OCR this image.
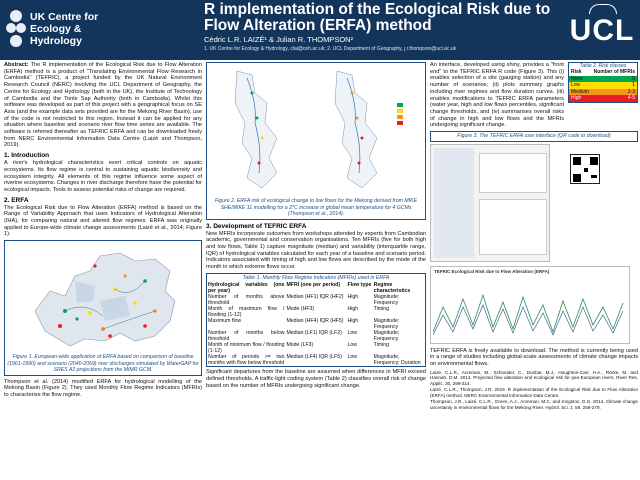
UK Centre for Ecology & Hydrology
R implementation of the Ecological Risk due to Flow Alteration (ERFA) method
Cédric L.R. LAIZÉ¹ & Julian R. THOMPSON²
1. UK Centre for Ecology & Hydrology, clai@ceh.ac.uk; 2. UCL Department of Geography, j.r.thompson@ucl.ac.uk
UCL

Abstract: The R implementation of the Ecological Risk due to Flow Alteration (ERFA) method is a product of "Translating Environmental Flow Research in Cambodia" (TEFRIC), a project funded by the UK Natural Environment Research Council (NERC) involving the UCL Department of Geography, the Centre for Ecology and Hydrology (both in the UK), the Institute of Technology of Cambodia and the Tonle Sap Authority (both in Cambodia). Whilst this software was developed as part of this project with a geographical focus on SE Asia (and the example data sets provided are for the Mekong River Basin), use of the code is not restricted to this region. Instead it can be applied for any situation where baseline and scenario river flow time series are available. The software is referred thereafter as TEFRIC ERFA and can be downloaded freely from NERC Environmental Information Data Centre (Laizé and Thompson, 2019).

1. Introduction

A river's hydrological characteristics exert critical controls on aquatic ecosystems. Its flow regime is central to sustaining aquatic biodiversity and ecosystem integrity. All elements of this regime influence some aspect of riverine ecosystems. Changes in river discharge therefore have the potential for ecological impacts. Tools to assess potential risks of change are required.

2. ERFA

The Ecological Risk due to Flow Alteration (ERFA) method is based on the Range of Variability Approach that uses Indicators of Hydrological Alteration (IHA), for comparing natural and altered flow regimes. ERFA was originally applied to Europe-wide climate change assessments (Laizé et al., 2014; Figure 1).

Figure 1. European-wide application of ERFA based on comparison of baseline (1961-1990) and scenario (2040-2069) river discharges simulated by WaterGAP for SRES A2 projections from the MIMR GCM.

Thompson et al. (2014) modified ERFA for hydrological modelling of the Mekong Basin (Figure 2). They used Monthly Flow Regime Indicators (MFRIs) to characterise the flow regime.

Figure 2. ERFA risk of ecological change to low flows for the Mekong derived from MIKE SHE/MIKE 11 modelling for a 2°C increase in global mean temperature for 4 GCMs (Thompson et al., 2014).
3. Development of TEFRIC ERFA

New MFRIs incorporate outcomes from workshops attended by experts from Cambodian academic, governmental and conservation organisations. Ten MFRIs (five for both high and low flows, Table 1) capture magnitude (median) and variability (interquartile range, IQR) of hydrological variables calculated for each year of a baseline and scenario period. Indicators associated with timing of high and low flows are described by the mode of the month in which extreme flows occur.

Table 1. Monthly Flow Regime Indicators (MFRIs) used in ERFA
Hydrological variables (one per year)	MFRI (one per period)	Flow type	Regime characteristics
Number of months above threshold	Median (HF1) IQR (HF2)	High	Magnitude; Frequency
Month of maximum flow / flooding (1-12)	Mode (HF3)	High	Timing
Maximum flow	Median (HF4) IQR (HF5)	High	Magnitude; Frequency
Number of months below threshold	Median (LF1) IQR (LF2)	Low	Magnitude; Frequency
Month of minimum flow / flooding (1-12)	Mode (LF3)	Low	Timing
Number of periods >= two months with flow below threshold	Median (LF4) IQR (LF5)	Low	Magnitude; Frequency; Duration

Significant departures from the baseline are assumed when differences in MFRI exceed defined thresholds. A traffic-light coding system (Table 2) classifies overall risk of change based on the number of MFRIs undergoing significant change.

An interface, developed using shiny, provides a "front end" to the TEFRIC ERFA R code (Figure 3). This (i) enables selection of a site (gauging station) and any number of scenarios; (ii) plots summary graphs including river regimes and flow duration curves. (iii) enables modifications to TEFRIC ERFA parameters (water year, high and low flows percentiles, significant change thresholds, and (iv) summarises overall risks of change in high and low flows and the MFRIs undergoing significant change.

Figure 3. The TEFRIC ERFA user interface (QR code to download)
TEFRIC Ecological Risk due to Flow Alteration (ERFA)

TEFRIC ERFA is freely available to download. The method is currently being used in a range of studies including global-scale assessments of climate change impacts on environmental flows.

Laizé, C.L.R., Acreman, M., Schneider, C., Dunbar, M.J., Houghton-Carr, H.A., Flörke, M. and Hannah, D.M. 2014. Projected flow alteration and ecological risk for pan-European rivers. River Res. Applic. 30, 299-314.

Laizé, C.L.R., Thompson, J.R. 2019. R implementation of the Ecological Risk due to Flow Alteration (ERFA) method. NERC Environmental Information Data Centre.

Thompson, J.R., Laizé, C.L.R., Green, A.J., Acreman, M.C. and Kingston, D.G. 2014. Climate change uncertainty in environmental flows for the Mekong River. Hydrol. Sci. J. 59, 259-279.

Table 2. Risk classes
Risk Number of MFRIs
None	0
Low	1
Medium	2-3
High	4-5
